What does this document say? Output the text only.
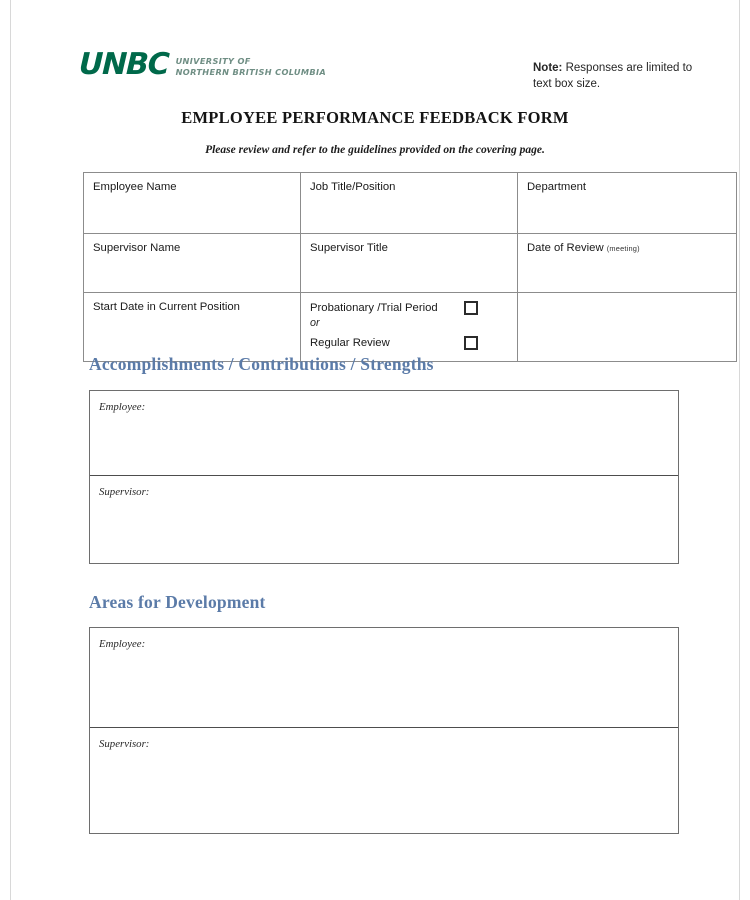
UNBC UNIVERSITY OF
NORTHERN BRITISH COLUMBIA	Note: Responses are limited to text box size.
EMPLOYEE PERFORMANCE FEEDBACK FORM
Please review and refer to the guidelines provided on the covering page.
Employee Name	Job Title/Position	Department
Supervisor Name	Supervisor Title	Date of Review (meeting)
Start Date in Current Position	Probationary /Trial Period
or
Regular Review	

Accomplishments / Contributions / Strengths
Employee:
Supervisor:
Areas for Development
Employee:
Supervisor:
